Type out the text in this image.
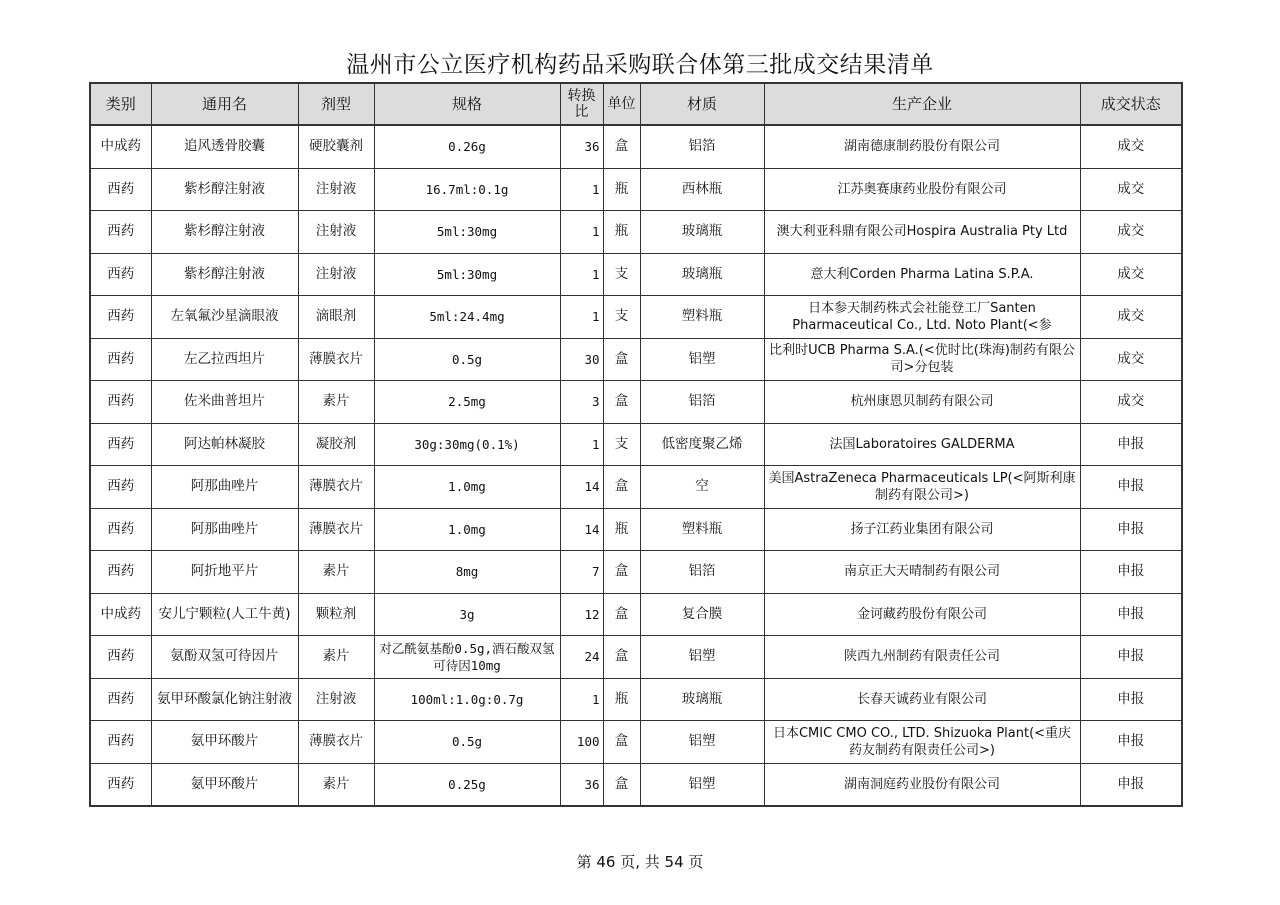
温州市公立医疗机构药品采购联合体第三批成交结果清单
类别	通用名	剂型	规格	转换比	单位	材质	生产企业	成交状态
中成药	追风透骨胶囊	硬胶囊剂	0.26g	36	盒	铝箔	湖南德康制药股份有限公司	成交
西药	紫杉醇注射液	注射液	16.7ml:0.1g	1	瓶	西林瓶	江苏奥赛康药业股份有限公司	成交
西药	紫杉醇注射液	注射液	5ml:30mg	1	瓶	玻璃瓶	澳大利亚科鼎有限公司Hospira Australia Pty Ltd	成交
西药	紫杉醇注射液	注射液	5ml:30mg	1	支	玻璃瓶	意大利Corden Pharma Latina S.P.A.	成交
西药	左氧氟沙星滴眼液	滴眼剂	5ml:24.4mg	1	支	塑料瓶	日本参天制药株式会社能登工厂Santen Pharmaceutical Co., Ltd. Noto Plant(<参	成交
西药	左乙拉西坦片	薄膜衣片	0.5g	30	盒	铝塑	比利时UCB Pharma S.A.(<优时比(珠海)制药有限公司>分包装	成交
西药	佐米曲普坦片	素片	2.5mg	3	盒	铝箔	杭州康恩贝制药有限公司	成交
西药	阿达帕林凝胶	凝胶剂	30g:30mg(0.1%)	1	支	低密度聚乙烯	法国Laboratoires GALDERMA	申报
西药	阿那曲唑片	薄膜衣片	1.0mg	14	盒	空	美国AstraZeneca Pharmaceuticals LP(<阿斯利康制药有限公司>)	申报
西药	阿那曲唑片	薄膜衣片	1.0mg	14	瓶	塑料瓶	扬子江药业集团有限公司	申报
西药	阿折地平片	素片	8mg	7	盒	铝箔	南京正大天晴制药有限公司	申报
中成药	安儿宁颗粒(人工牛黄)	颗粒剂	3g	12	盒	复合膜	金诃藏药股份有限公司	申报
西药	氨酚双氢可待因片	素片	对乙酰氨基酚0.5g,酒石酸双氢可待因10mg	24	盒	铝塑	陕西九州制药有限责任公司	申报
西药	氨甲环酸氯化钠注射液	注射液	100ml:1.0g:0.7g	1	瓶	玻璃瓶	长春天诚药业有限公司	申报
西药	氨甲环酸片	薄膜衣片	0.5g	100	盒	铝塑	日本CMIC CMO CO., LTD. Shizuoka Plant(<重庆药友制药有限责任公司>)	申报
西药	氨甲环酸片	素片	0.25g	36	盒	铝塑	湖南洞庭药业股份有限公司	申报
第 46 页, 共 54 页
